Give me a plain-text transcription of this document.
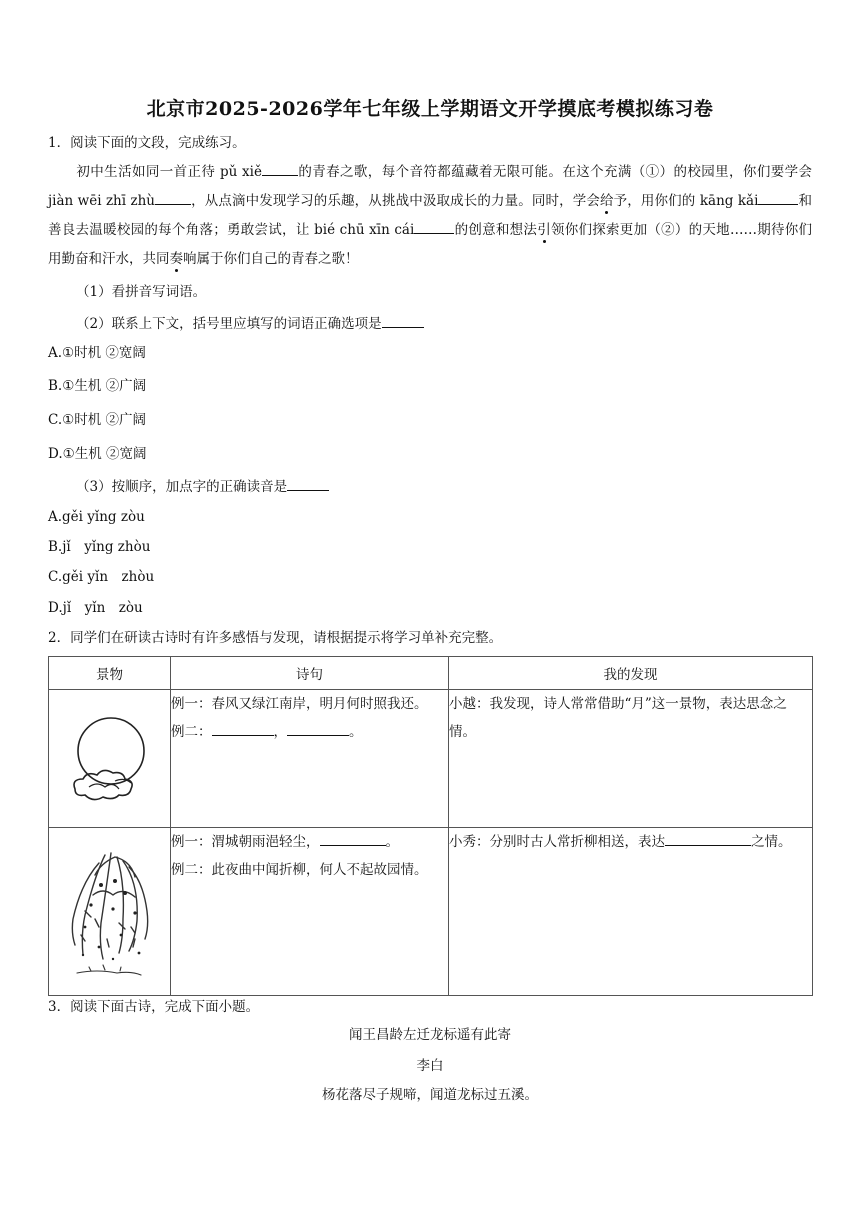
北京市2025-2026学年七年级上学期语文开学摸底考模拟练习卷
1．阅读下面的文段，完成练习。
初中生活如同一首正待 pǔ xiě	的青春之歌，每个音符都蕴藏着无限可能。在这个充满（①）的校园里，你们要学会 jiàn wēi zhī zhù	，从点滴中发现学习的乐趣，从挑战中汲取成长的力量。同时，学会给予，用你们的 kāng kǎi	和善良去温暖校园的每个角落；勇敢尝试，让 bié chū xīn cái	的创意和想法引领你们探索更加（②）的天地……期待你们用勤奋和汗水，共同奏响属于你们自己的青春之歌！
（1）看拼音写词语。
（2）联系上下文，括号里应填写的词语正确选项是
A.①时机 ②宽阔
B.①生机 ②广阔
C.①时机 ②广阔
D.①生机 ②宽阔
（3）按顺序，加点字的正确读音是
A.gěi yǐng zòu
B.jǐ　yǐng zhòu
C.gěi yǐn　zhòu
D.jǐ　yǐn　zòu
2．同学们在研读古诗时有许多感悟与发现，请根据提示将学习单补充完整。
景物	诗句	我的发现

例一：春风又绿江南岸，明月何时照我还。
例二： ， 。	小越：我发现，诗人常常借助“月”这一景物，表达思念之情。

例一：渭城朝雨浥轻尘， 。
例二：此夜曲中闻折柳，何人不起故园情。	小秀：分别时古人常折柳相送，表达 之情。
3．阅读下面古诗，完成下面小题。
闻王昌龄左迁龙标遥有此寄
李白
杨花落尽子规啼，闻道龙标过五溪。
